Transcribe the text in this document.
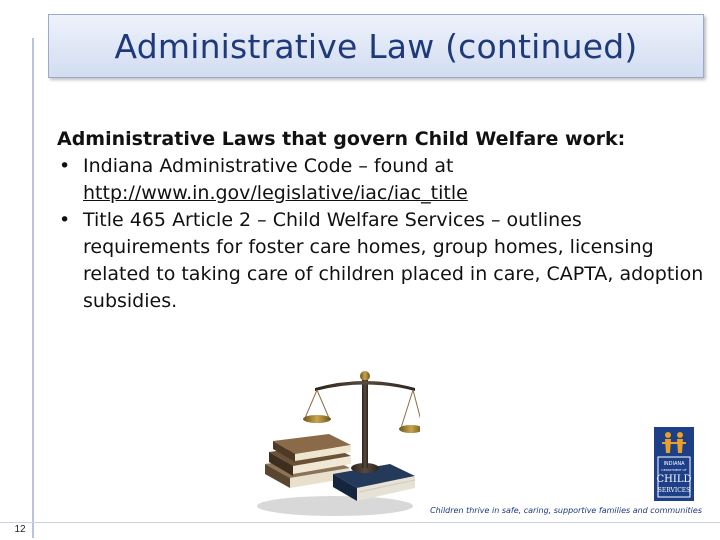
12
Administrative Law (continued)
Administrative Laws that govern Child Welfare work:
• Indiana Administrative Code – found at
http://www.in.gov/legislative/iac/iac_title
• Title 465 Article 2 – Child Welfare Services – outlines requirements for foster care homes, group homes, licensing related to taking care of children placed in care, CAPTA, adoption subsidies.
INDIANA
DEPARTMENT OF
CHILD
SERVICES
Children thrive in safe, caring, supportive families and communities
